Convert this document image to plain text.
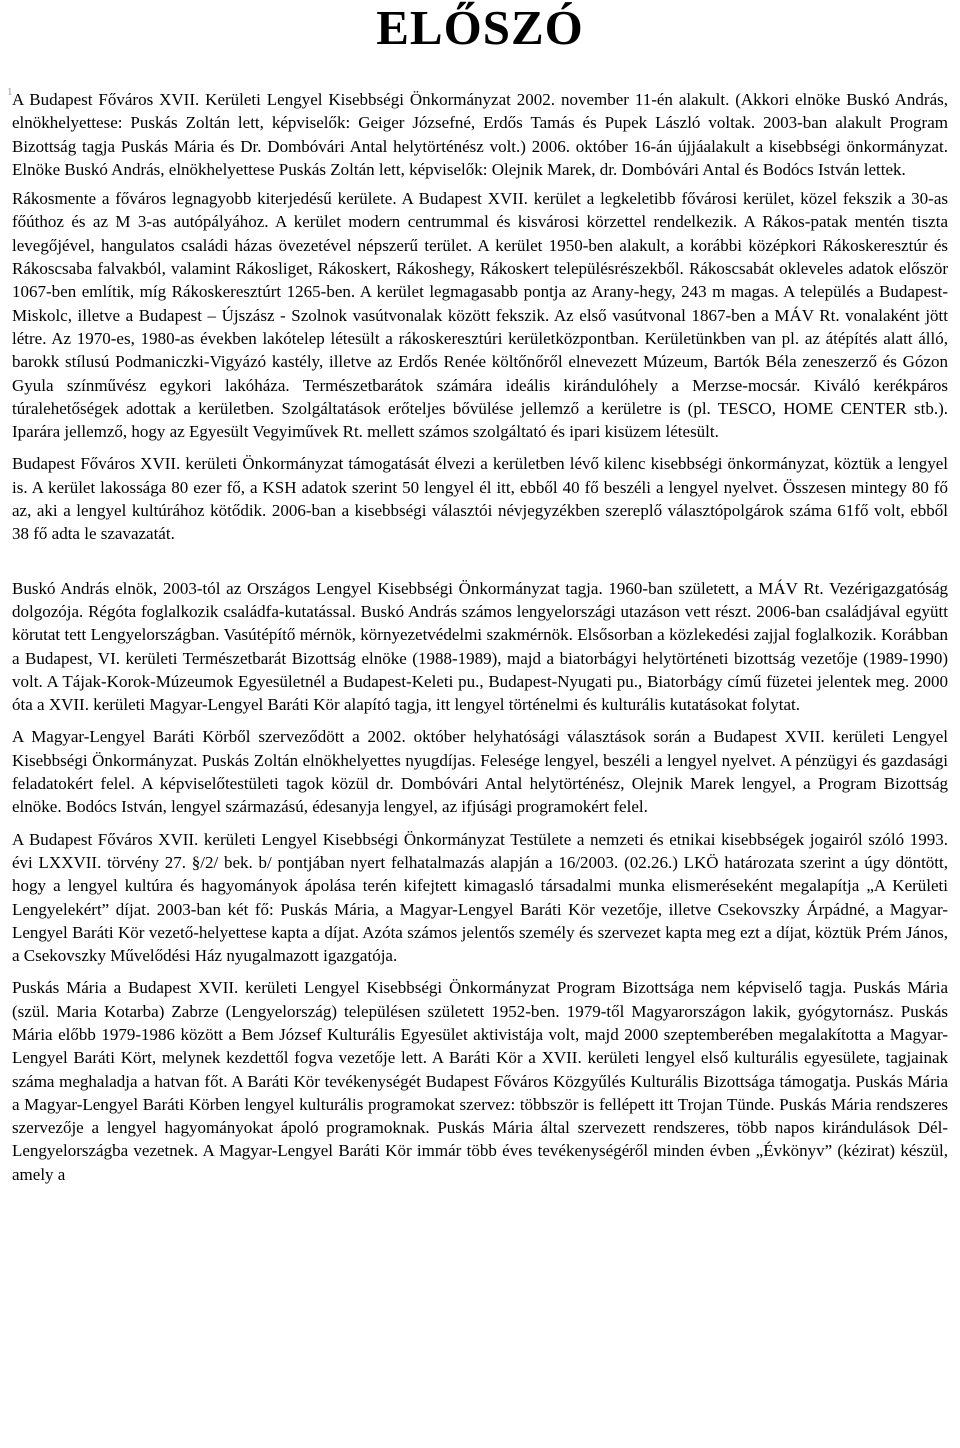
ELŐSZÓ
1 A Budapest Főváros XVII. Kerületi Lengyel Kisebbségi Önkormányzat 2002. november 11-én alakult. (Akkori elnöke Buskó András, elnökhelyettese: Puskás Zoltán lett, képviselők: Geiger Józsefné, Erdős Tamás és Pupek László voltak. 2003-ban alakult Program Bizottság tagja Puskás Mária és Dr. Dombóvári Antal helytörténész volt.) 2006. október 16-án újjáalakult a kisebbségi önkormányzat. Elnöke Buskó András, elnökhelyettese Puskás Zoltán lett, képviselők: Olejnik Marek, dr. Dombóvári Antal és Bodócs István lettek.

Rákosmente a főváros legnagyobb kiterjedésű kerülete. A Budapest XVII. kerület a legkeletibb fővárosi kerület, közel fekszik a 30-as főúthoz és az M 3-as autópályához. A kerület modern centrummal és kisvárosi körzettel rendelkezik. A Rákos-patak mentén tiszta levegőjével, hangulatos családi házas övezetével népszerű terület. A kerület 1950-ben alakult, a korábbi középkori Rákoskeresztúr és Rákoscsaba falvakból, valamint Rákosliget, Rákoskert, Rákoshegy, Rákoskert településrészekből. Rákoscsabát okleveles adatok először 1067-ben említik, míg Rákoskeresztúrt 1265-ben. A kerület legmagasabb pontja az Arany-hegy, 243 m magas. A település a Budapest-Miskolc, illetve a Budapest – Újszász - Szolnok vasútvonalak között fekszik. Az első vasútvonal 1867-ben a MÁV Rt. vonalaként jött létre. Az 1970-es, 1980-as években lakótelep létesült a rákoskeresztúri kerületközpontban. Kerületünkben van pl. az átépítés alatt álló, barokk stílusú Podmaniczki-Vigyázó kastély, illetve az Erdős Renée költőnőről elnevezett Múzeum, Bartók Béla zeneszerző és Gózon Gyula színművész egykori lakóháza. Természetbarátok számára ideális kirándulóhely a Merzse-mocsár. Kiváló kerékpáros túralehetőségek adottak a kerületben. Szolgáltatások erőteljes bővülése jellemző a kerületre is (pl. TESCO, HOME CENTER stb.). Iparára jellemző, hogy az Egyesült Vegyiművek Rt. mellett számos szolgáltató és ipari kisüzem létesült.

Budapest Főváros XVII. kerületi Önkormányzat támogatását élvezi a kerületben lévő kilenc kisebbségi önkormányzat, köztük a lengyel is. A kerület lakossága 80 ezer fő, a KSH adatok szerint 50 lengyel él itt, ebből 40 fő beszéli a lengyel nyelvet. Összesen mintegy 80 fő az, aki a lengyel kultúrához kötődik. 2006-ban a kisebbségi választói névjegyzékben szereplő választópolgárok száma 61fő volt, ebből 38 fő adta le szavazatát.

Buskó András elnök, 2003-tól az Országos Lengyel Kisebbségi Önkormányzat tagja. 1960-ban született, a MÁV Rt. Vezérigazgatóság dolgozója. Régóta foglalkozik családfa-kutatással. Buskó András számos lengyelországi utazáson vett részt. 2006-ban családjával együtt körutat tett Lengyelországban. Vasútépítő mérnök, környezetvédelmi szakmérnök. Elsősorban a közlekedési zajjal foglalkozik. Korábban a Budapest, VI. kerületi Természetbarát Bizottság elnöke (1988-1989), majd a biatorbágyi helytörténeti bizottság vezetője (1989-1990) volt. A Tájak-Korok-Múzeumok Egyesületnél a Budapest-Keleti pu., Budapest-Nyugati pu., Biatorbágy című füzetei jelentek meg. 2000 óta a XVII. kerületi Magyar-Lengyel Baráti Kör alapító tagja, itt lengyel történelmi és kulturális kutatásokat folytat.

A Magyar-Lengyel Baráti Körből szerveződött a 2002. október helyhatósági választások során a Budapest XVII. kerületi Lengyel Kisebbségi Önkormányzat. Puskás Zoltán elnökhelyettes nyugdíjas. Felesége lengyel, beszéli a lengyel nyelvet. A pénzügyi és gazdasági feladatokért felel. A képviselőtestületi tagok közül dr. Dombóvári Antal helytörténész, Olejnik Marek lengyel, a Program Bizottság elnöke. Bodócs István, lengyel származású, édesanyja lengyel, az ifjúsági programokért felel.

A Budapest Főváros XVII. kerületi Lengyel Kisebbségi Önkormányzat Testülete a nemzeti és etnikai kisebbségek jogairól szóló 1993. évi LXXVII. törvény 27. §/2/ bek. b/ pontjában nyert felhatalmazás alapján a 16/2003. (02.26.) LKÖ határozata szerint a úgy döntött, hogy a lengyel kultúra és hagyományok ápolása terén kifejtett kimagasló társadalmi munka elismeréseként megalapítja „A Kerületi Lengyelekért” díjat. 2003-ban két fő: Puskás Mária, a Magyar-Lengyel Baráti Kör vezetője, illetve Csekovszky Árpádné, a Magyar-Lengyel Baráti Kör vezető-helyettese kapta a díjat. Azóta számos jelentős személy és szervezet kapta meg ezt a díjat, köztük Prém János, a Csekovszky Művelődési Ház nyugalmazott igazgatója.

Puskás Mária a Budapest XVII. kerületi Lengyel Kisebbségi Önkormányzat Program Bizottsága nem képviselő tagja. Puskás Mária (szül. Maria Kotarba) Zabrze (Lengyelország) településen született 1952-ben. 1979-től Magyarországon lakik, gyógytornász. Puskás Mária előbb 1979-1986 között a Bem József Kulturális Egyesület aktivistája volt, majd 2000 szeptemberében megalakította a Magyar-Lengyel Baráti Kört, melynek kezdettől fogva vezetője lett. A Baráti Kör a XVII. kerületi lengyel első kulturális egyesülete, tagjainak száma meghaladja a hatvan főt. A Baráti Kör tevékenységét Budapest Főváros Közgyűlés Kulturális Bizottsága támogatja. Puskás Mária a Magyar-Lengyel Baráti Körben lengyel kulturális programokat szervez: többször is fellépett itt Trojan Tünde. Puskás Mária rendszeres szervezője a lengyel hagyományokat ápoló programoknak. Puskás Mária által szervezett rendszeres, több napos kirándulások Dél-Lengyelországba vezetnek. A Magyar-Lengyel Baráti Kör immár több éves tevékenységéről minden évben „Évkönyv” (kézirat) készül, amely a
